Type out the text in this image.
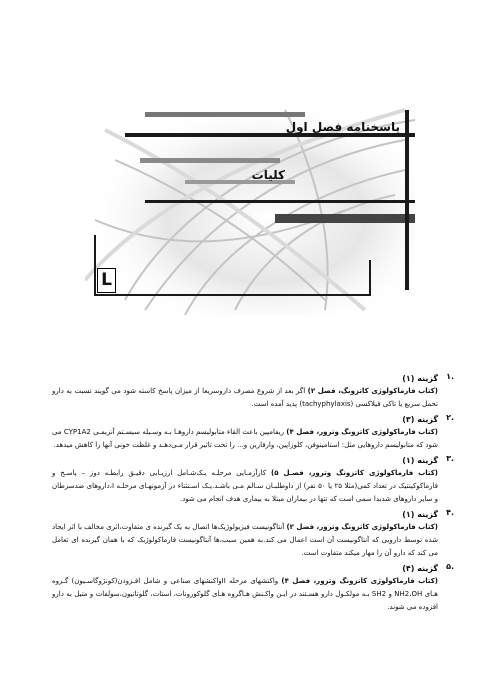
پاسخنامه فصل اول
کلیات
L
۱.
گزینه (۱)
(کتاب فارماکولوژی کاتزونگ، فصل ۲) اگر بعد از شروع مصرف داروسریعا از میزان پاسخ کاسته شود می گویند نسبت به دارو تحمل سریع یا تاکی فیلاکسی (tachyphylaxis) پدید آمده است.
۲.
گزینه (۳)
(کتاب فارماکولوژی کاتزونگ وترور، فصل ۴) ریفامپین باعث القاء متابولیسم داروهـا بـه وسـیله سیسـتم آنزیمـی CYP1A2 می شود که متابولیسم داروهایی مثل: استامینوفن، کلوزاپین، وارفارین و... را تحت تاثیر قرار مـی‌دهـد و غلظت خونی آنها را کاهش میدهد.
۳.
گزینه (۱)
(کتاب فارماکولوژی کاتزونگ وترور، فصـل ۵) کارآزمـایی مرحلـه یـک‌شـامل ارزیـابی دقیـق رابطـه دوز – پاسـخ و فارماکوکینتیک در تعداد کمی(مثلا ۲۵ یا ۵۰ نفر) از داوطلبـان سـالم مـی باشـد.یـک اسـتثناء در آزمونهـای مرحلـه I،داروهای ضدسرطان و سایر داروهای شدیدا سمی است که تنها در بیماران مبتلا به بیماری هدف انجام می شود.
۴.
گزینه (۱)
(کتاب فارماکولوژی کاتزونگ وترور، فصل ۲) آنتاگونیست فیزیولوژیک‌ها اتصال به یک گیرنده ی متفاوت،اثری مخالف با اثر ایجاد شده توسط دارویی که آنتاگونیست آن است اعمال می کند.به همین سبب،ها آنتاگونیست فارماکولوژیک که با همان گیرنده ای تعامل می کند که دارو آن را مهار میکند متفاوت است.
۵.
گزینه (۴)
(کتاب فارماکولوژی کاتزونگ وترور، فصل ۴) واکنشهای مرحله IIواکنشهای صناعی و شامل افـزودن(کونژوگاسـیون) گـروه هـای NH2،OH و SH2 بـه مولکـول دارو هسـتند در ایـن واکـنش هـاگروه هـای گلوکورونات، استات، گلوتاتیون،سولفات و متیل به دارو افزوده می شوند.
